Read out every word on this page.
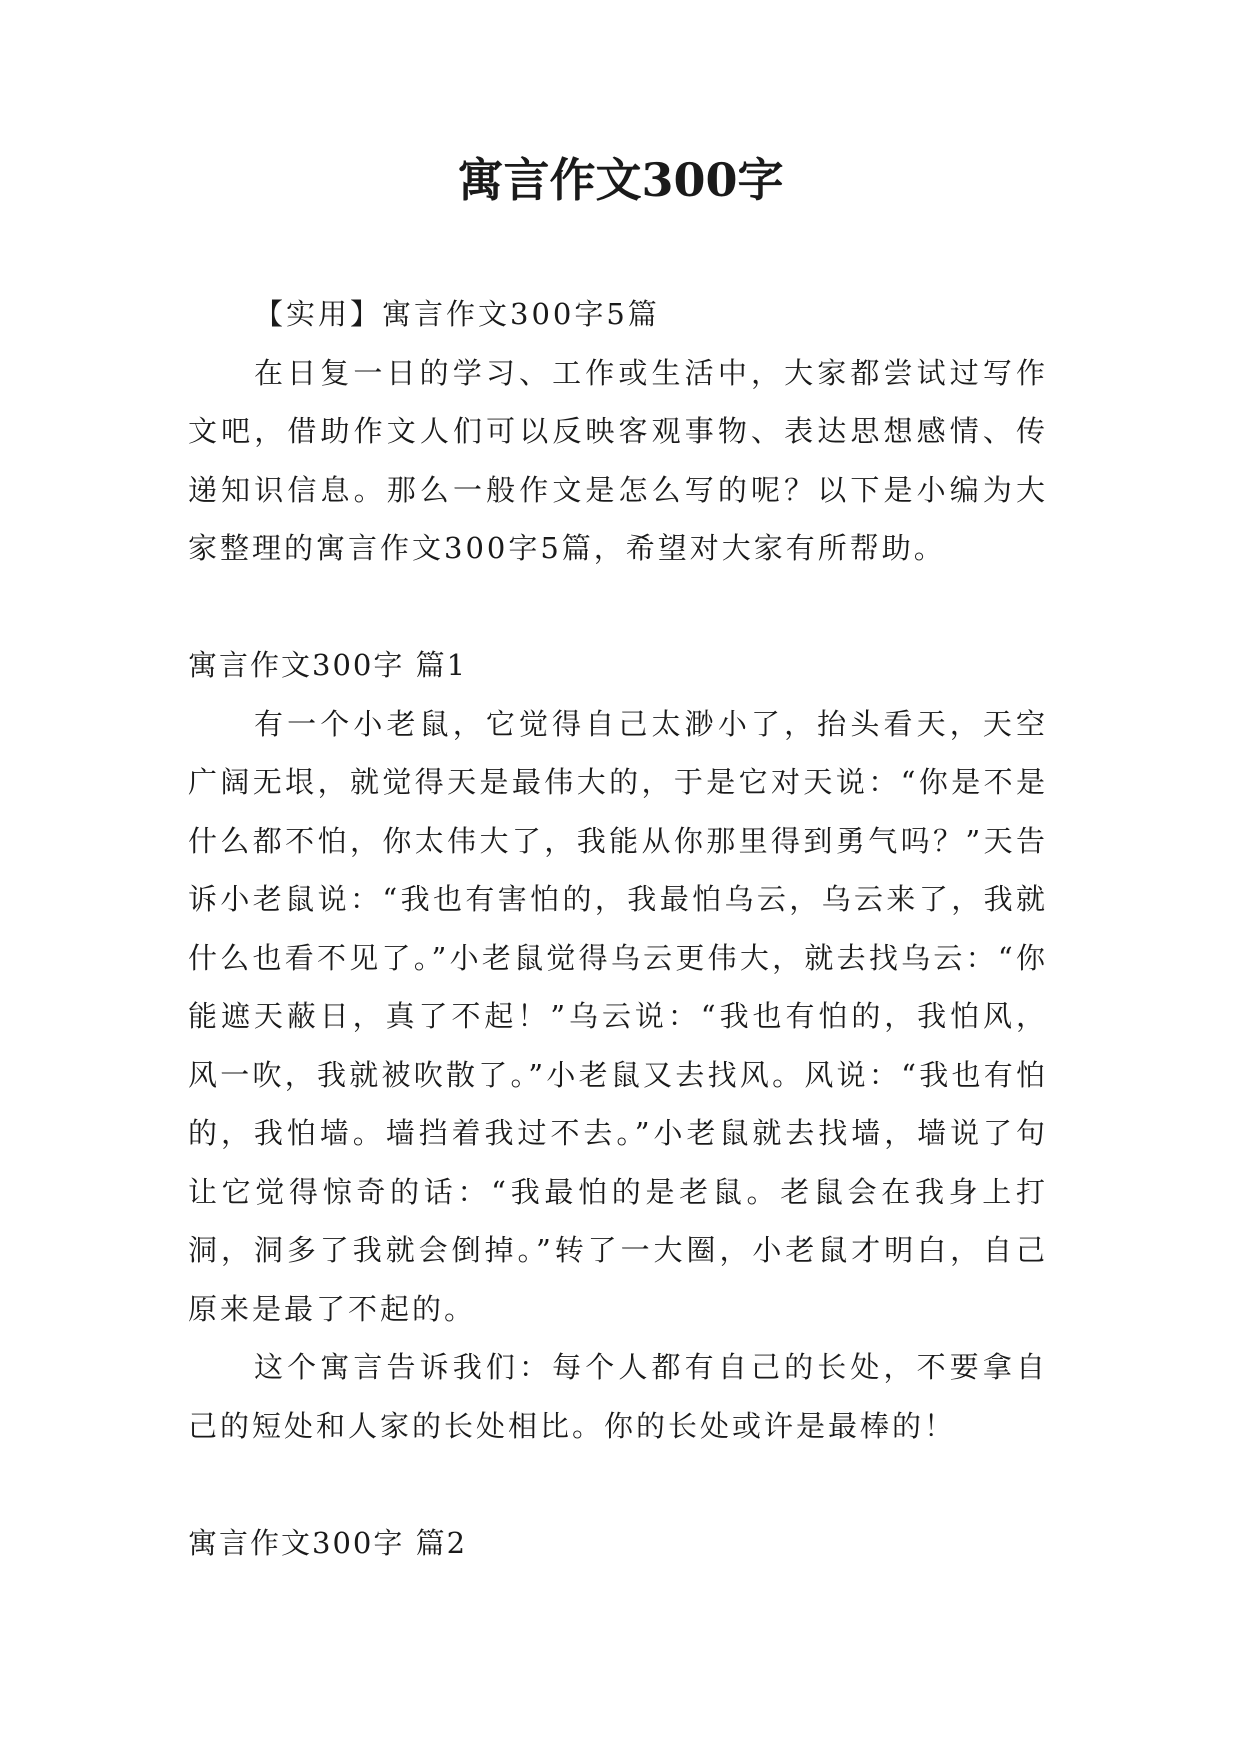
寓言作文300字

【实用】寓言作文300字5篇

在日复一日的学习、工作或生活中，大家都尝试过写作文吧，借助作文人们可以反映客观事物、表达思想感情、传递知识信息。那么一般作文是怎么写的呢？以下是小编为大家整理的寓言作文300字5篇，希望对大家有所帮助。

寓言作文300字 篇1

有一个小老鼠，它觉得自己太渺小了，抬头看天，天空广阔无垠，就觉得天是最伟大的，于是它对天说：“你是不是什么都不怕，你太伟大了，我能从你那里得到勇气吗？”天告诉小老鼠说：“我也有害怕的，我最怕乌云，乌云来了，我就什么也看不见了。”小老鼠觉得乌云更伟大，就去找乌云：“你能遮天蔽日，真了不起！”乌云说：“我也有怕的，我怕风，风一吹，我就被吹散了。”小老鼠又去找风。风说：“我也有怕的，我怕墙。墙挡着我过不去。”小老鼠就去找墙，墙说了句让它觉得惊奇的话：“我最怕的是老鼠。老鼠会在我身上打洞，洞多了我就会倒掉。”转了一大圈，小老鼠才明白，自己原来是最了不起的。

这个寓言告诉我们：每个人都有自己的长处，不要拿自己的短处和人家的长处相比。你的长处或许是最棒的！

寓言作文300字 篇2
